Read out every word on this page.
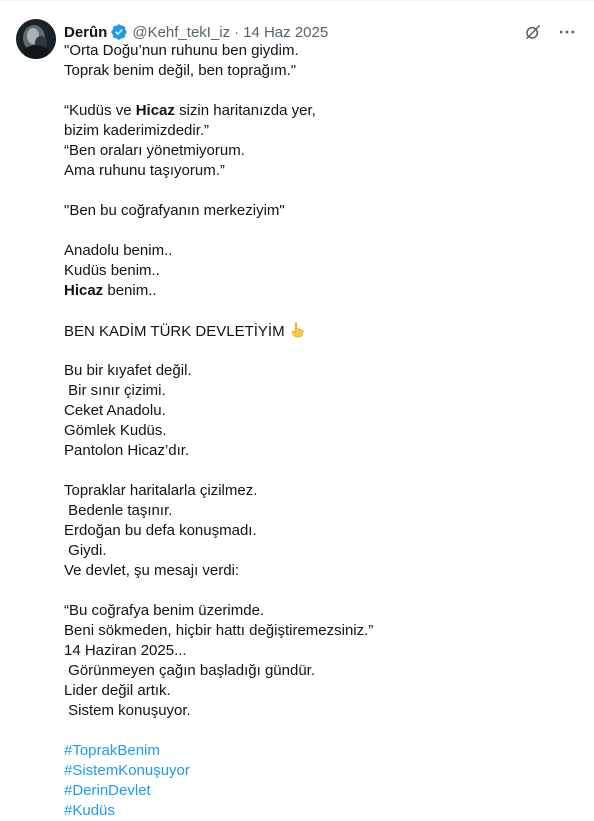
Derûn @Kehf_tekI_iz · 14 Haz 2025
"Orta Doğu’nun ruhunu ben giydim.
Toprak benim değil, ben toprağım."
“Kudüs ve Hicaz sizin haritanızda yer,
bizim kaderimizdedir.”
“Ben oraları yönetmiyorum.
Ama ruhunu taşıyorum.”
"Ben bu coğrafyanın merkeziyim"
Anadolu benim..
Kudüs benim..
Hicaz benim..
BEN KADİM TÜRK DEVLETİYİM
Bu bir kıyafet değil.
Bir sınır çizimi.
Ceket Anadolu.
Gömlek Kudüs.
Pantolon Hicaz’dır.
Topraklar haritalarla çizilmez.
Bedenle taşınır.
Erdoğan bu defa konuşmadı.
Giydi.
Ve devlet, şu mesajı verdi:
“Bu coğrafya benim üzerimde.
Beni sökmeden, hiçbir hattı değiştiremezsiniz.”
14 Haziran 2025...
Görünmeyen çağın başladığı gündür.
Lider değil artık.
Sistem konuşuyor.
#ToprakBenim
#SistemKonuşuyor
#DerinDevlet
#Kudüs
